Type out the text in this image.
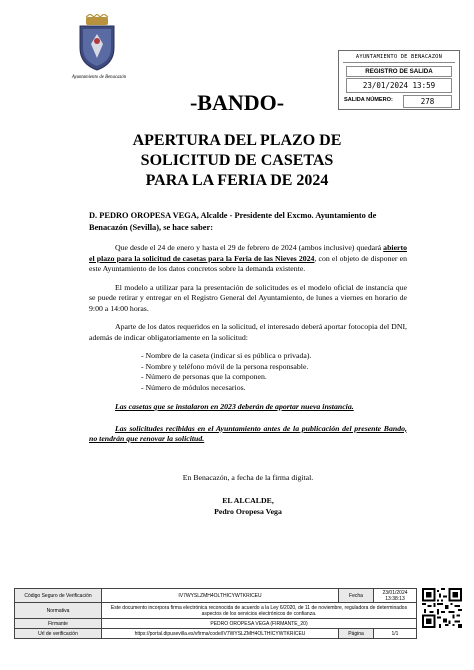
Ayuntamiento de Benacazón
AYUNTAMIENTO DE BENACAZON
REGISTRO DE SALIDA
23/01/2024 13:59
SALIDA NÚMERO:	278
-BANDO-
APERTURA DEL PLAZO DE
SOLICITUD DE CASETAS
PARA LA FERIA DE 2024

D. PEDRO OROPESA VEGA, Alcalde - Presidente del Excmo. Ayuntamiento de Benacazón (Sevilla), se hace saber:

Que desde el 24 de enero y hasta el 29 de febrero de 2024 (ambos inclusive) quedará abierto el plazo para la solicitud de casetas para la Feria de las Nieves 2024, con el objeto de disponer en este Ayuntamiento de los datos concretos sobre la demanda existente.

El modelo a utilizar para la presentación de solicitudes es el modelo oficial de instancia que se puede retirar y entregar en el Registro General del Ayuntamiento, de lunes a viernes en horario de 9:00 a 14:00 horas.

Aparte de los datos requeridos en la solicitud, el interesado deberá aportar fotocopia del DNI, además de indicar obligatoriamente en la solicitud:

- Nombre de la caseta (indicar si es pública o privada).
- Nombre y teléfono móvil de la persona responsable.
- Número de personas que la componen.
- Número de módulos necesarios.

Las casetas que se instalaron en 2023 deberán de aportar nueva instancia.

Las solicitudes recibidas en el Ayuntamiento antes de la publicación del presente Bando, no tendrán que renovar la solicitud.

En Benacazón, a fecha de la firma digital.
EL ALCALDE,
Pedro Oropesa Vega
Código Seguro de Verificación	IV7WYSLZMH4OLTHICYWTKRICEU	Fecha	23/01/2024 13:38:13
Normativa	Este documento incorpora firma electrónica reconocida de acuerdo a la Ley 6/2020, de 11 de noviembre, reguladora de determinados aspectos de los servicios electrónicos de confianza.		
Firmante	PEDRO OROPESA VEGA (FIRMANTE_20)		
Url de verificación	https://portal.dipusevilla.es/vfirma/code/IV7WYSLZMH4OLTHICYWTKRICEU	Página	1/1
